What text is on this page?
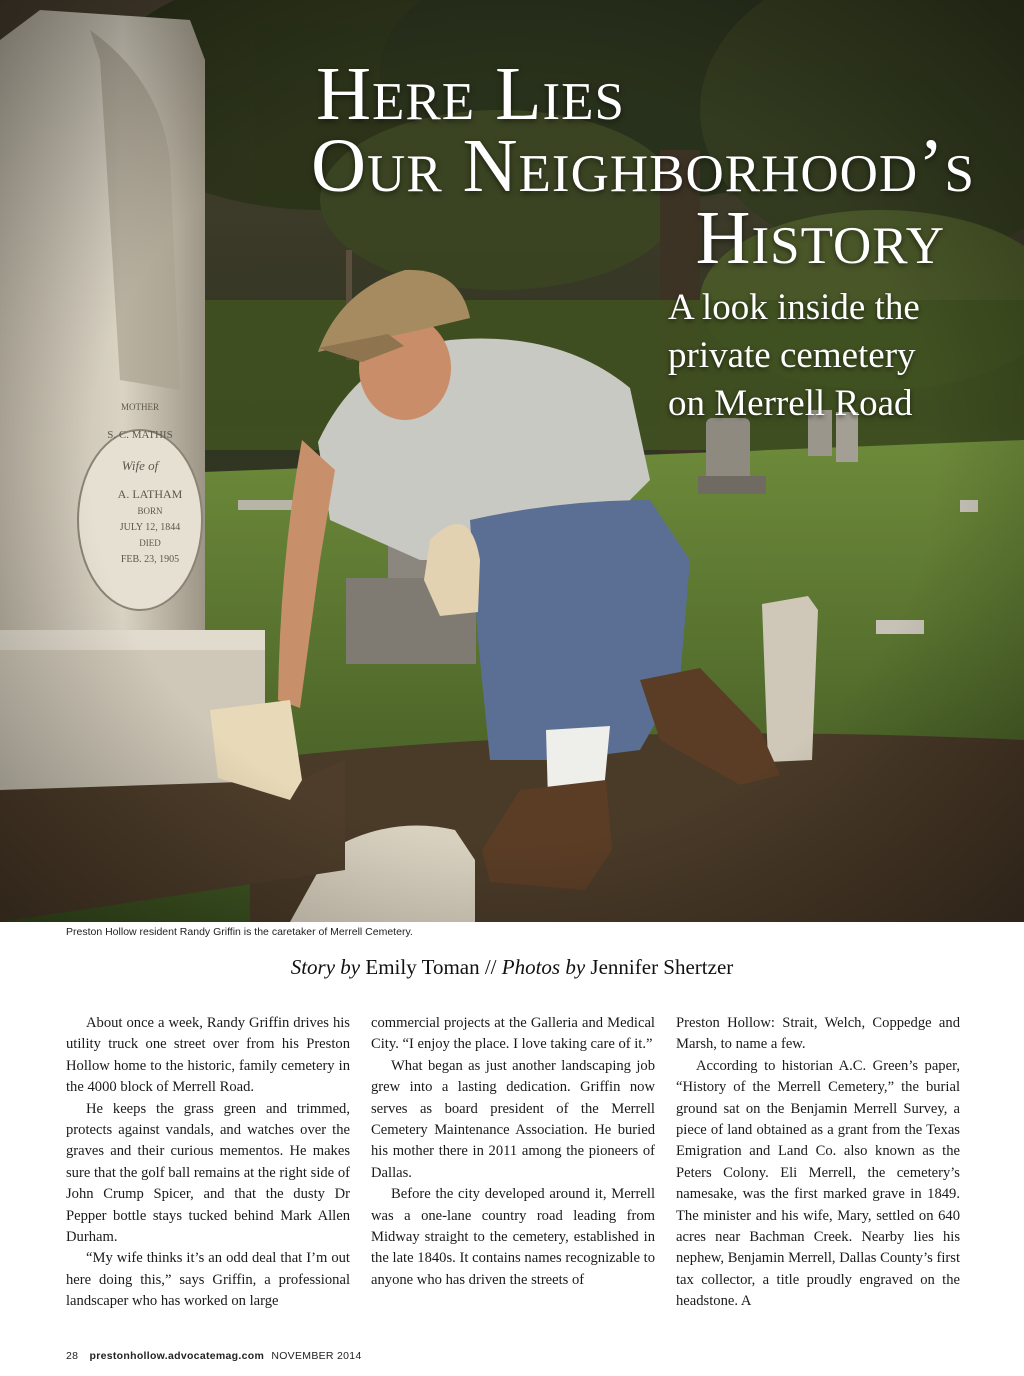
Here Lies
Our Neighborhood’s
History
A look inside the
private cemetery
on Merrell Road
Preston Hollow resident Randy Griffin is the caretaker of Merrell Cemetery.
Story by Emily Toman // Photos by Jennifer Shertzer

About once a week, Randy Griffin drives his utility truck one street over from his Preston Hollow home to the historic, family cemetery in the 4000 block of Merrell Road.

He keeps the grass green and trimmed, protects against vandals, and watches over the graves and their curious mementos. He makes sure that the golf ball remains at the right side of John Crump Spicer, and that the dusty Dr Pepper bottle stays tucked behind Mark Allen Durham.

“My wife thinks it’s an odd deal that I’m out here doing this,” says Griffin, a professional landscaper who has worked on large

commercial projects at the Galleria and Medical City. “I enjoy the place. I love taking care of it.”

What began as just another landscaping job grew into a lasting dedication. Griffin now serves as board president of the Merrell Cemetery Maintenance Association. He buried his mother there in 2011 among the pioneers of Dallas.

Before the city developed around it, Merrell was a one-lane country road leading from Midway straight to the cemetery, established in the late 1840s. It contains names recognizable to anyone who has driven the streets of

Preston Hollow: Strait, Welch, Coppedge and Marsh, to name a few.

According to historian A.C. Green’s paper, “History of the Merrell Cemetery,” the burial ground sat on the Benjamin Merrell Survey, a piece of land obtained as a grant from the Texas Emigration and Land Co. also known as the Peters Colony. Eli Merrell, the cemetery’s namesake, was the first marked grave in 1849. The minister and his wife, Mary, settled on 640 acres near Bachman Creek. Nearby lies his nephew, Benjamin Merrell, Dallas County’s first tax collector, a title proudly engraved on the headstone. A

28 prestonhollow.advocatemag.com NOVEMBER 2014
